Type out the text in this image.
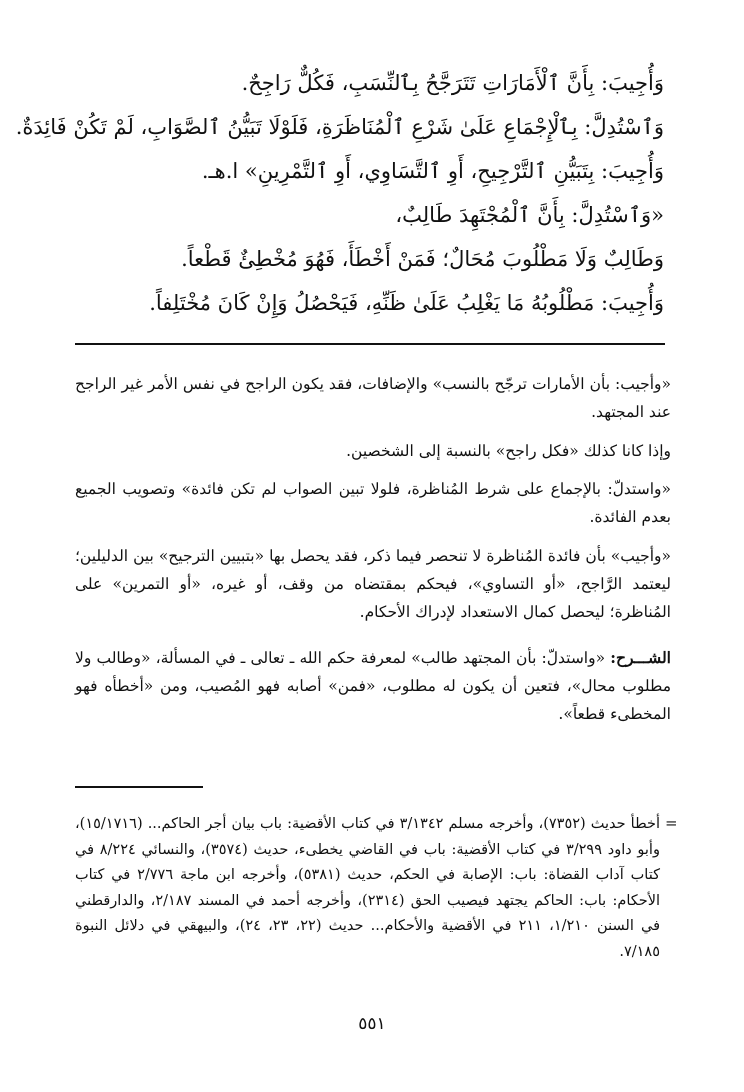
وَأُجِيبَ: بِأَنَّ ٱلْأَمَارَاتِ تَتَرَجَّحُ بِٱلنِّسَبِ، فَكُلٌّ رَاجِحٌ.
وَٱسْتُدِلَّ: بِٱلْإِجْمَاعِ عَلَىٰ شَرْعِ ٱلْمُنَاظَرَةِ، فَلَوْلَا تَبَيُّنُ ٱلصَّوَابِ، لَمْ تَكُنْ فَائِدَةٌ.
وَأُجِيبَ: بِتَبَيُّنِ ٱلتَّرْجِيحِ، أَوِ ٱلتَّسَاوِي، أَوِ ٱلتَّمْرِينِ» ا.هـ.
«وَٱسْتُدِلَّ: بِأَنَّ ٱلْمُجْتَهِدَ طَالِبٌ،
وَطَالِبٌ وَلَا مَطْلُوبَ مُحَالٌ؛ فَمَنْ أَخْطَأَ، فَهُوَ مُخْطِئٌ قَطْعاً.
وَأُجِيبَ: مَطْلُوبُهُ مَا يَغْلِبُ عَلَىٰ ظَنِّهِ، فَيَحْصُلُ وَإِنْ كَانَ مُخْتَلِفاً.

«وأجيب: بأن الأمارات ترجّح بالنسب» والإضافات، فقد يكون الراجح في نفس الأمر غير الراجح عند المجتهد.

وإذا كانا كذلك «فكل راجح» بالنسبة إلى الشخصين.

«واستدلّ: بالإجماع على شرط المُناظرة، فلولا تبين الصواب لم تكن فائدة» وتصويب الجميع بعدم الفائدة.

«وأجيب» بأن فائدة المُناظرة لا تنحصر فيما ذكر، فقد يحصل بها «بتبيين الترجيح» بين الدليلين؛ ليعتمد الرَّاجح، «أو التساوي»، فيحكم بمقتضاه من وقف، أو غيره، «أو التمرين» على المُناظرة؛ ليحصل كمال الاستعداد لإدراك الأحكام.

الشـــرح: «واستدلّ: بأن المجتهد طالب» لمعرفة حكم الله ـ تعالى ـ في المسألة، «وطالب ولا مطلوب محال»، فتعين أن يكون له مطلوب، «فمن» أصابه فهو المُصيب، ومن «أخطأه فهو المخطىء قطعاً».

=

أخطأ حديث (٧٣٥٢)، وأخرجه مسلم ٣/١٣٤٢ في كتاب الأقضية: باب بيان أجر الحاكم... (١٥/١٧١٦)، وأبو داود ٣/٢٩٩ في كتاب الأقضية: باب في القاضي يخطىء، حديث (٣٥٧٤)، والنسائي ٨/٢٢٤ في كتاب آداب القضاة: باب: الإصابة في الحكم، حديث (٥٣٨١)، وأخرجه ابن ماجة ٢/٧٧٦ في كتاب الأحكام: باب: الحاكم يجتهد فيصيب الحق (٢٣١٤)، وأخرجه أحمد في المسند ٢/١٨٧، والدارقطني في السنن ١/٢١٠، ٢١١ في الأقضية والأحكام... حديث (٢٢، ٢٣، ٢٤)، والبيهقي في دلائل النبوة ٧/١٨٥.

٥٥١
